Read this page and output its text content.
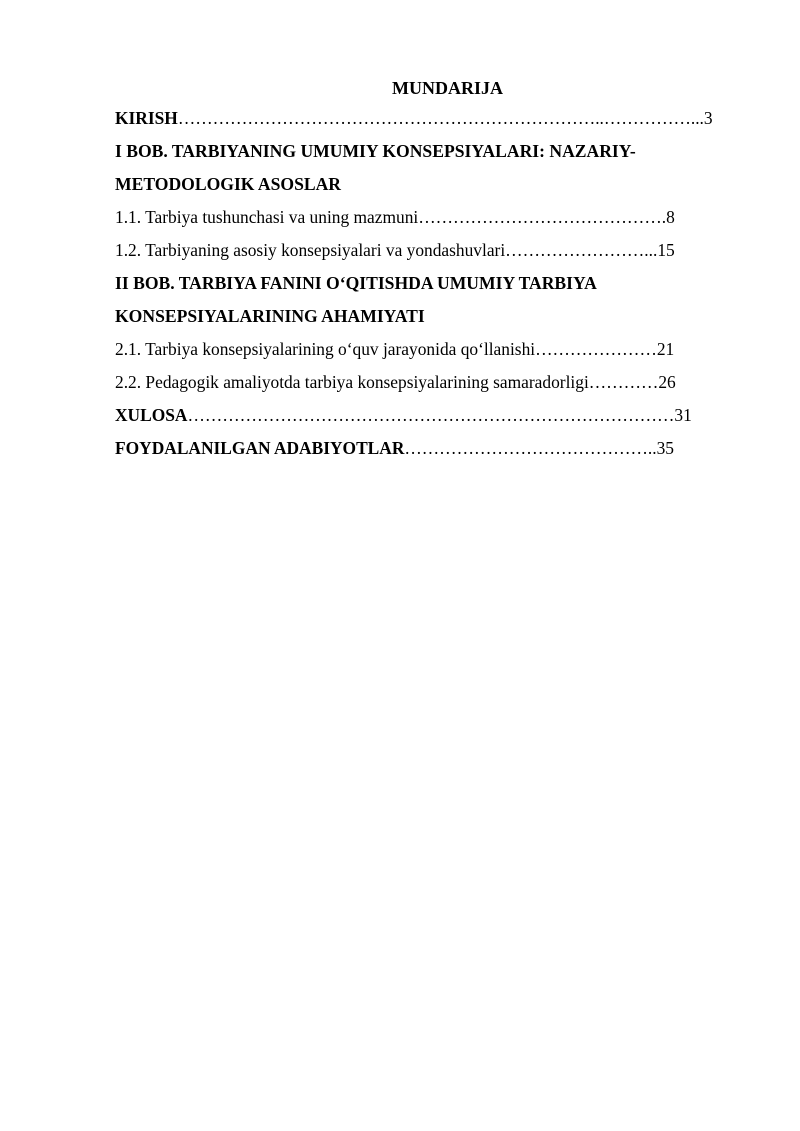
MUNDARIJA
KIRISH………………………………………………………………..……………...3
I BOB. TARBIYANING UMUMIY KONSEPSIYALARI: NAZARIY-
METODOLOGIK ASOSLAR
1.1. Tarbiya tushunchasi va uning mazmuni…………………………………….8
1.2. Tarbiyaning asosiy konsepsiyalari va yondashuvlari……………………...15
II BOB. TARBIYA FANINI O‘QITISHDA UMUMIY TARBIYA
KONSEPSIYALARINING AHAMIYATI
2.1. Tarbiya konsepsiyalarining o‘quv jarayonida qo‘llanishi…………………21
2.2. Pedagogik amaliyotda tarbiya konsepsiyalarining samaradorligi…………26
XULOSA…………………………………………………………………………31
FOYDALANILGAN ADABIYOTLAR……………………………………..35
